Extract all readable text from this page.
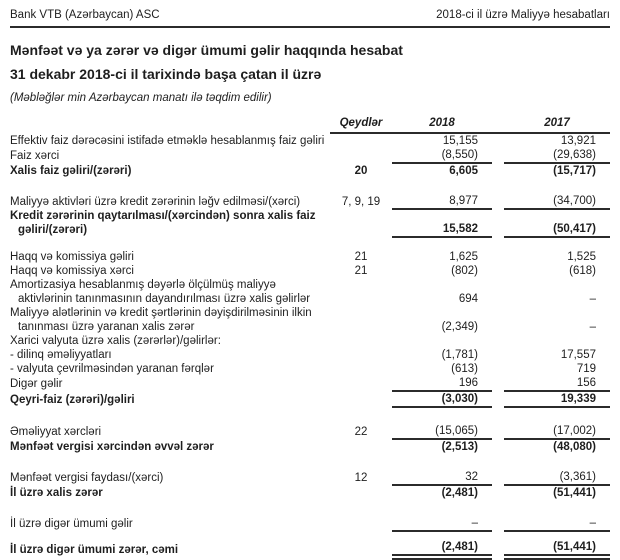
Bank VTB (Azərbaycan) ASC	2018-ci il üzrə Maliyyə hesabatları
Mənfəət və ya zərər və digər ümumi gəlir haqqında hesabat
31 dekabr 2018-ci il tarixində başa çatan il üzrə

(Məbləğlər min Azərbaycan manatı ilə təqdim edilir)

	Qeydlər	2018		2017
Effektiv faiz dərəcəsini istifadə etməklə hesablanmış faiz gəliri		15,155		13,921
Faiz xərci		(8,550)		(29,638)
Xalis faiz gəliri/(zərəri)	20	6,605		(15,717)

Maliyyə aktivləri üzrə kredit zərərinin ləğv edilməsi/(xərci)	7, 9, 19	8,977		(34,700)
Kredit zərərinin qaytarılması/(xərcindən) sonra xalis faiz gəliri/(zərəri)		15,582		(50,417)

Haqq və komissiya gəliri	21	1,625		1,525
Haqq və komissiya xərci	21	(802)		(618)
Amortizasiya hesablanmış dəyərlə ölçülmüş maliyyə aktivlərinin tanınmasının dayandırılması üzrə xalis gəlirlər		694		–
Maliyyə alətlərinin və kredit şərtlərinin dəyişdirilməsinin ilkin tanınması üzrə yaranan xalis zərər		(2,349)		–
Xarici valyuta üzrə xalis (zərərlər)/gəlirlər:				
- dilinq əməliyyatları		(1,781)		17,557
- valyuta çevrilməsindən yaranan fərqlər		(613)		719
Digər gəlir		196		156
Qeyri-faiz (zərəri)/gəliri		(3,030)		19,339

Əməliyyat xərcləri	22	(15,065)		(17,002)
Mənfəət vergisi xərcindən əvvəl zərər		(2,513)		(48,080)

Mənfəət vergisi faydası/(xərci)	12	32		(3,361)
İl üzrə xalis zərər		(2,481)		(51,441)

İl üzrə digər ümumi gəlir		–		–

İl üzrə digər ümumi zərər, cəmi		(2,481)		(51,441)
